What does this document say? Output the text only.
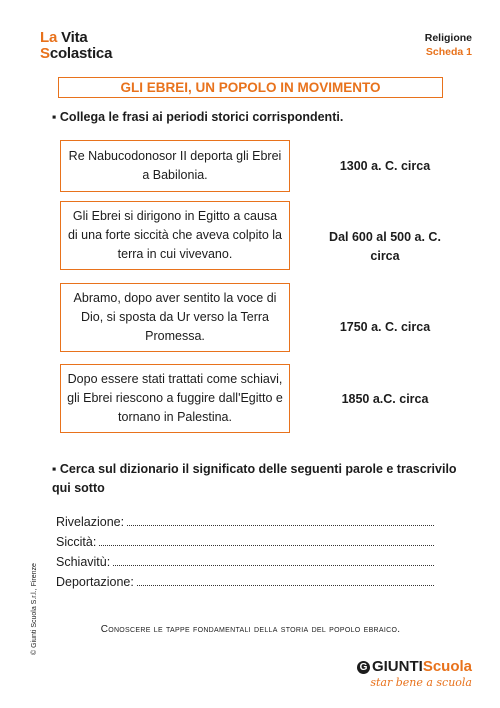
La Vita
Scolastica
Religione
Scheda 1
GLI EBREI, UN POPOLO IN MOVIMENTO
▪ Collega le frasi ai periodi storici corrispondenti.
Re Nabucodonosor II deporta gli Ebrei a Babilonia.
Gli Ebrei si dirigono in Egitto a causa di una forte siccità che aveva colpito la terra in cui vivevano.
Abramo, dopo aver sentito la voce di Dio, si sposta da Ur verso la Terra Promessa.
Dopo essere stati trattati come schiavi, gli Ebrei riescono a fuggire dall'Egitto e tornano in Palestina.
1300 a. C. circa
Dal 600 al 500 a. C. circa
1750 a. C. circa
1850 a.C. circa
▪ Cerca sul dizionario il significato delle seguenti parole e trascrivilo qui sotto
Rivelazione:
Siccità:
Schiavitù:
Deportazione:
Conoscere le tappe fondamentali della storia del popolo ebraico.
© Giunti Scuola S.r.l., Firenze
G GIUNTIScuola
star bene a scuola
